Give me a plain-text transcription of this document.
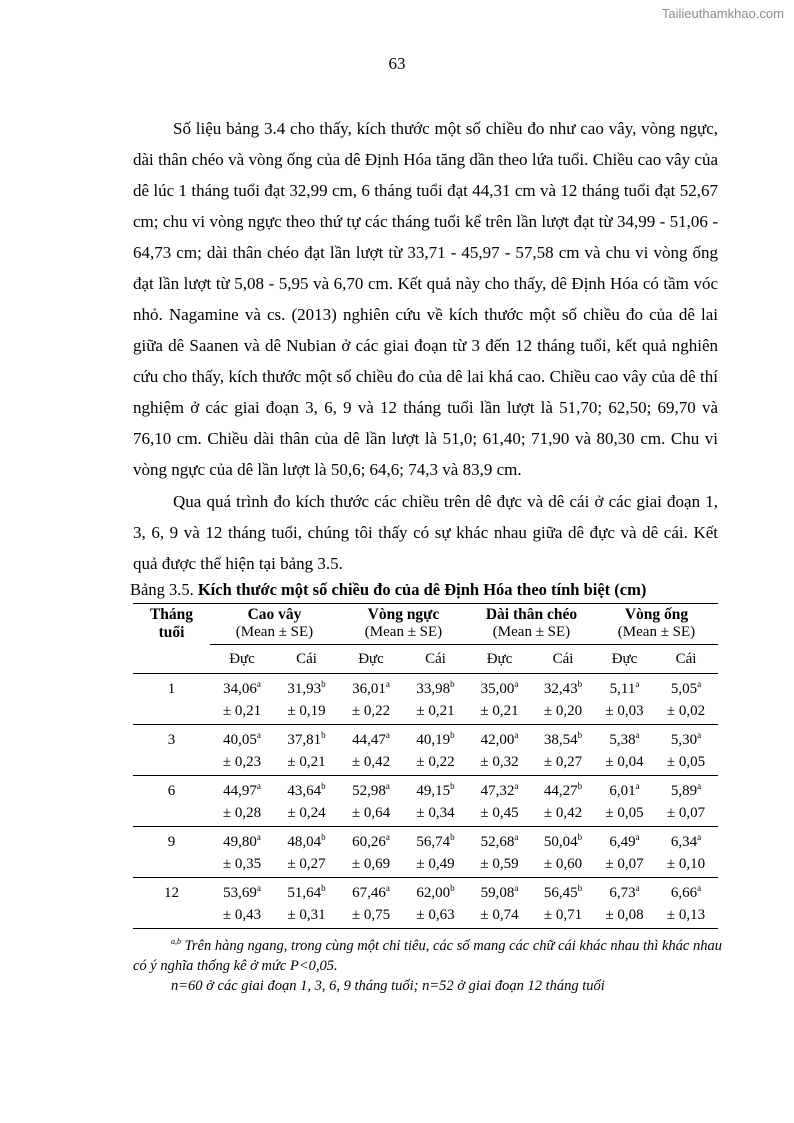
Tailieuthamkhao.com
63

Số liệu bảng 3.4 cho thấy, kích thước một số chiều đo như cao vây, vòng ngực, dài thân chéo và vòng ống của dê Định Hóa tăng dần theo lứa tuổi. Chiều cao vây của dê lúc 1 tháng tuổi đạt 32,99 cm, 6 tháng tuổi đạt 44,31 cm và 12 tháng tuổi đạt 52,67 cm; chu vi vòng ngực theo thứ tự các tháng tuổi kể trên lần lượt đạt từ 34,99 - 51,06 - 64,73 cm; dài thân chéo đạt lần lượt từ 33,71 - 45,97 - 57,58 cm và chu vi vòng ống đạt lần lượt từ 5,08 - 5,95 và 6,70 cm. Kết quả này cho thấy, dê Định Hóa có tầm vóc nhỏ. Nagamine và cs. (2013) nghiên cứu về kích thước một số chiều đo của dê lai giữa dê Saanen và dê Nubian ở các giai đoạn từ 3 đến 12 tháng tuổi, kết quả nghiên cứu cho thấy, kích thước một số chiều đo của dê lai khá cao. Chiều cao vây của dê thí nghiệm ở các giai đoạn 3, 6, 9 và 12 tháng tuổi lần lượt là 51,70; 62,50; 69,70 và 76,10 cm. Chiều dài thân của dê lần lượt là 51,0; 61,40; 71,90 và 80,30 cm. Chu vi vòng ngực của dê lần lượt là 50,6; 64,6; 74,3 và 83,9 cm.

Qua quá trình đo kích thước các chiều trên dê đực và dê cái ở các giai đoạn 1, 3, 6, 9 và 12 tháng tuổi, chúng tôi thấy có sự khác nhau giữa dê đực và dê cái. Kết quả được thể hiện tại bảng 3.5.

Bảng 3.5. Kích thước một số chiều đo của dê Định Hóa theo tính biệt (cm)
Tháng
tuổi	Cao vây		Vòng ngực		Dài thân chéo		Vòng ống	
	(Mean ± SE)		(Mean ± SE)		(Mean ± SE)		(Mean ± SE)	
	Đực	Cái	Đực	Cái	Đực	Cái	Đực	Cái
1	34,06$^a$	31,93$^b$	36,01$^a$	33,98$^b$	35,00$^a$	32,43$^b$	5,11$^a$	5,05$^a$
	± 0,21	± 0,19	± 0,22	± 0,21	± 0,21	± 0,20	± 0,03	± 0,02
3	40,05$^a$	37,81$^b$	44,47$^a$	40,19$^b$	42,00$^a$	38,54$^b$	5,38$^a$	5,30$^a$
	± 0,23	± 0,21	± 0,42	± 0,22	± 0,32	± 0,27	± 0,04	± 0,05
6	44,97$^a$	43,64$^b$	52,98$^a$	49,15$^b$	47,32$^a$	44,27$^b$	6,01$^a$	5,89$^a$
	± 0,28	± 0,24	± 0,64	± 0,34	± 0,45	± 0,42	± 0,05	± 0,07
9	49,80$^a$	48,04$^b$	60,26$^a$	56,74$^b$	52,68$^a$	50,04$^b$	6,49$^a$	6,34$^a$
	± 0,35	± 0,27	± 0,69	± 0,49	± 0,59	± 0,60	± 0,07	± 0,10
12	53,69$^a$	51,64$^b$	67,46$^a$	62,00$^b$	59,08$^a$	56,45$^b$	6,73$^a$	6,66$^a$
	± 0,43	± 0,31	± 0,75	± 0,63	± 0,74	± 0,71	± 0,08	± 0,13
$^{a,b}$ Trên hàng ngang, trong cùng một chỉ tiêu, các số mang các chữ cái khác nhau thì khác nhau có ý nghĩa thống kê ở mức P<0,05.
n=60 ở các giai đoạn 1, 3, 6, 9 tháng tuổi; n=52 ở giai đoạn 12 tháng tuổi
